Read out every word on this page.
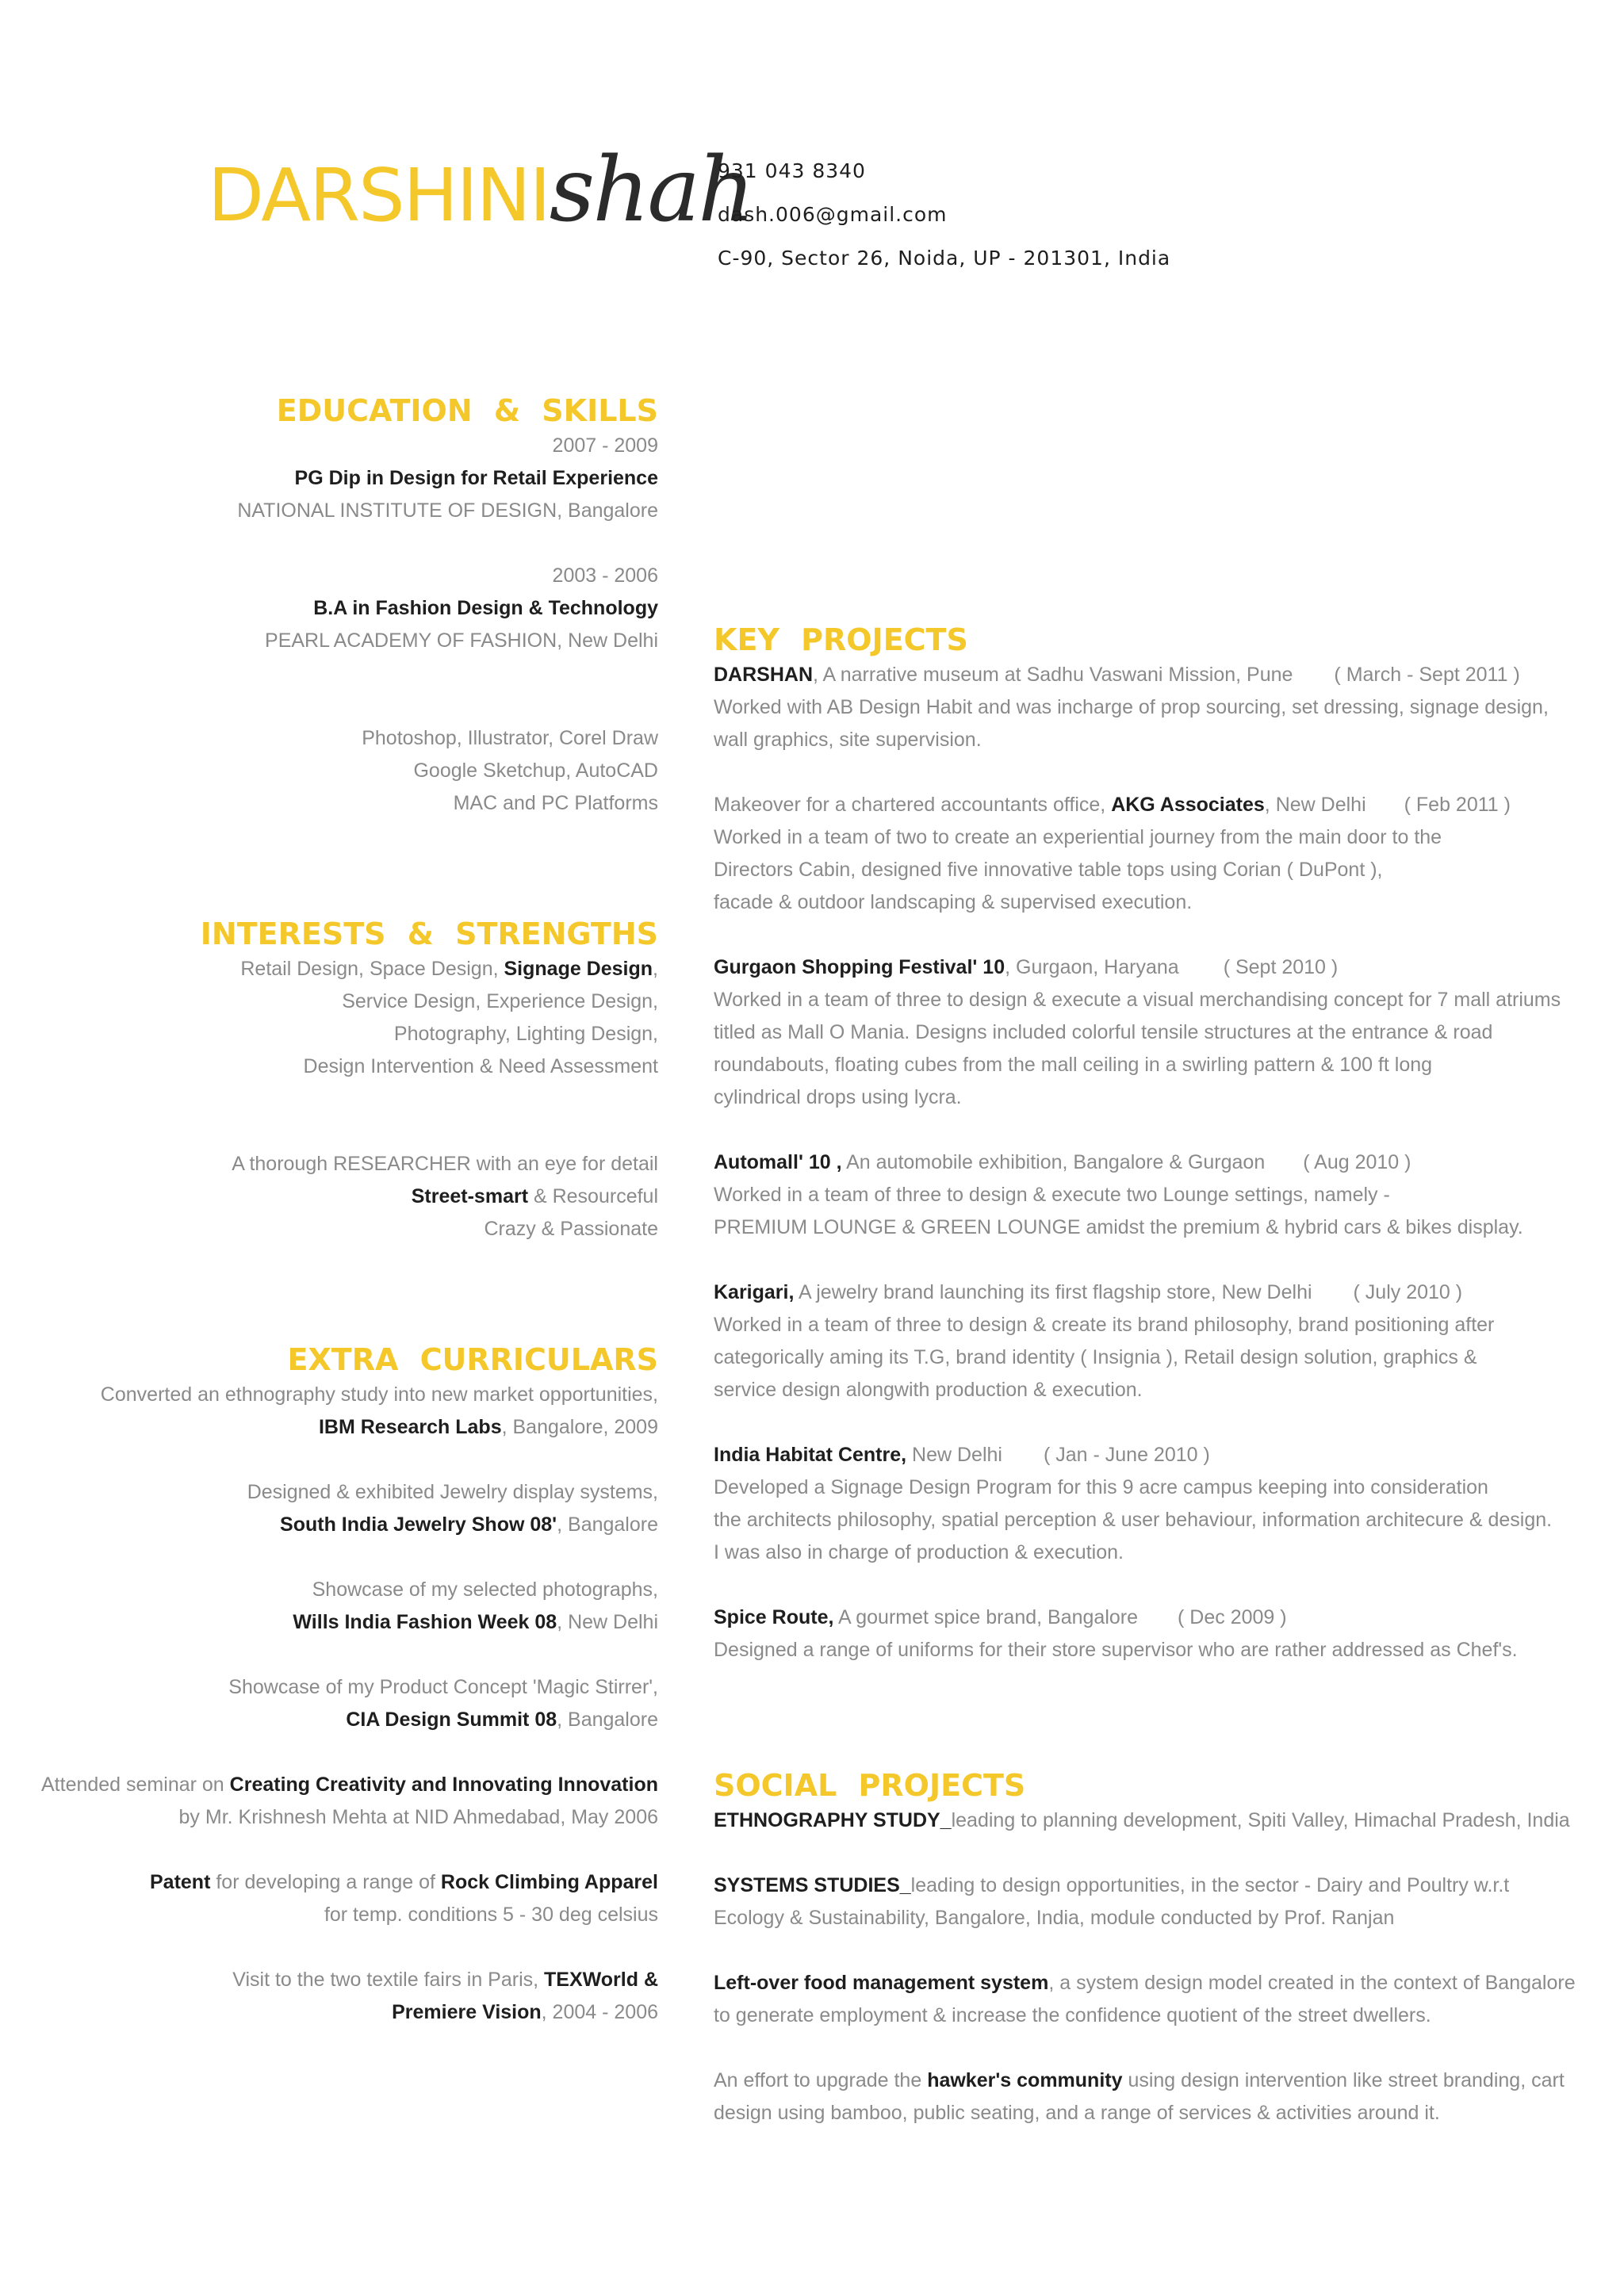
DARSHINIshah
931 043 8340
dash.006@gmail.com
C-90, Sector 26, Noida, UP - 201301, India
EDUCATION & SKILLS
2007 - 2009
PG Dip in Design for Retail Experience
NATIONAL INSTITUTE OF DESIGN, Bangalore
2003 - 2006
B.A in Fashion Design & Technology
PEARL ACADEMY OF FASHION, New Delhi
Photoshop, Illustrator, Corel Draw
Google Sketchup, AutoCAD
MAC and PC Platforms
INTERESTS & STRENGTHS
Retail Design, Space Design, Signage Design,
Service Design, Experience Design,
Photography, Lighting Design,
Design Intervention & Need Assessment
A thorough RESEARCHER with an eye for detail
Street-smart & Resourceful
Crazy & Passionate
EXTRA CURRICULARS
Converted an ethnography study into new market opportunities,
IBM Research Labs, Bangalore, 2009
Designed & exhibited Jewelry display systems,
South India Jewelry Show 08', Bangalore
Showcase of my selected photographs,
Wills India Fashion Week 08, New Delhi
Showcase of my Product Concept 'Magic Stirrer',
CIA Design Summit 08, Bangalore
Attended seminar on Creating Creativity and Innovating Innovation
by Mr. Krishnesh Mehta at NID Ahmedabad, May 2006
Patent for developing a range of Rock Climbing Apparel
for temp. conditions 5 - 30 deg celsius
Visit to the two textile fairs in Paris, TEXWorld &
Premiere Vision, 2004 - 2006
KEY PROJECTS
DARSHAN, A narrative museum at Sadhu Vaswani Mission, Pune ( March - Sept 2011 )
Worked with AB Design Habit and was incharge of prop sourcing, set dressing, signage design,
wall graphics, site supervision.
Makeover for a chartered accountants office, AKG Associates, New Delhi ( Feb 2011 )
Worked in a team of two to create an experiential journey from the main door to the
Directors Cabin, designed five innovative table tops using Corian ( DuPont ),
facade & outdoor landscaping & supervised execution.
Gurgaon Shopping Festival' 10, Gurgaon, Haryana ( Sept 2010 )
Worked in a team of three to design & execute a visual merchandising concept for 7 mall atriums
titled as Mall O Mania. Designs included colorful tensile structures at the entrance & road
roundabouts, floating cubes from the mall ceiling in a swirling pattern & 100 ft long
cylindrical drops using lycra.
Automall' 10 , An automobile exhibition, Bangalore & Gurgaon ( Aug 2010 )
Worked in a team of three to design & execute two Lounge settings, namely -
PREMIUM LOUNGE & GREEN LOUNGE amidst the premium & hybrid cars & bikes display.
Karigari, A jewelry brand launching its first flagship store, New Delhi ( July 2010 )
Worked in a team of three to design & create its brand philosophy, brand positioning after
categorically aming its T.G, brand identity ( Insignia ), Retail design solution, graphics &
service design alongwith production & execution.
India Habitat Centre, New Delhi ( Jan - June 2010 )
Developed a Signage Design Program for this 9 acre campus keeping into consideration
the architects philosophy, spatial perception & user behaviour, information architecure & design.
I was also in charge of production & execution.
Spice Route, A gourmet spice brand, Bangalore ( Dec 2009 )
Designed a range of uniforms for their store supervisor who are rather addressed as Chef's.
SOCIAL PROJECTS
ETHNOGRAPHY STUDY_leading to planning development, Spiti Valley, Himachal Pradesh, India
SYSTEMS STUDIES_leading to design opportunities, in the sector - Dairy and Poultry w.r.t
Ecology & Sustainability, Bangalore, India, module conducted by Prof. Ranjan
Left-over food management system, a system design model created in the context of Bangalore
to generate employment & increase the confidence quotient of the street dwellers.
An effort to upgrade the hawker's community using design intervention like street branding, cart
design using bamboo, public seating, and a range of services & activities around it.
